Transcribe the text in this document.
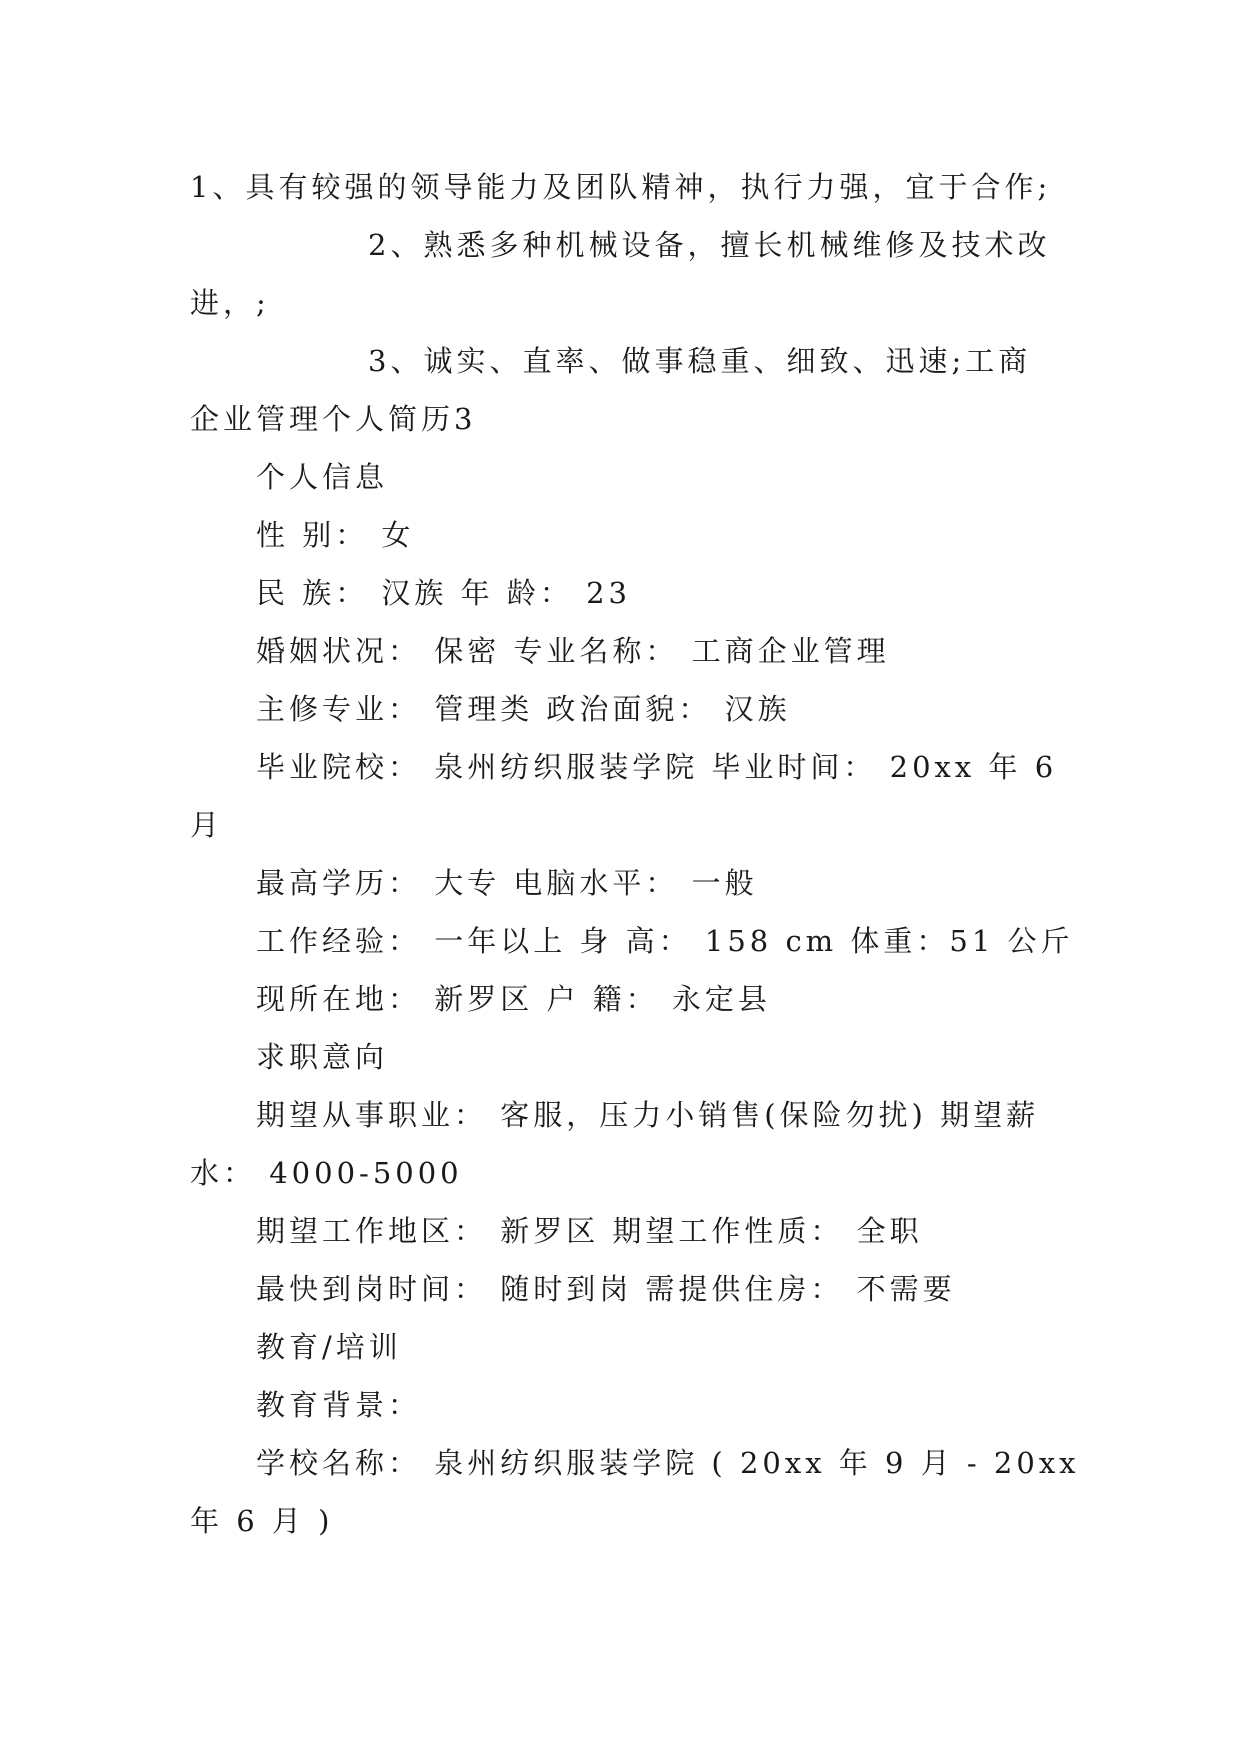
1、具有较强的领导能力及团队精神，执行力强，宜于合作;
2、熟悉多种机械设备，擅长机械维修及技术改
进，;
3、诚实、直率、做事稳重、细致、迅速;工商
企业管理个人简历3
个人信息
性 别： 女
民 族： 汉族 年 龄： 23
婚姻状况： 保密 专业名称： 工商企业管理
主修专业： 管理类 政治面貌： 汉族
毕业院校： 泉州纺织服装学院 毕业时间： 20xx 年 6
月
最高学历： 大专 电脑水平： 一般
工作经验： 一年以上 身 高： 158 cm 体重：51 公斤
现所在地： 新罗区 户 籍： 永定县
求职意向
期望从事职业： 客服，压力小销售(保险勿扰) 期望薪
水： 4000-5000
期望工作地区： 新罗区 期望工作性质： 全职
最快到岗时间： 随时到岗 需提供住房： 不需要
教育/培训
教育背景：
学校名称： 泉州纺织服装学院 ( 20xx 年 9 月 - 20xx
年 6 月 )
